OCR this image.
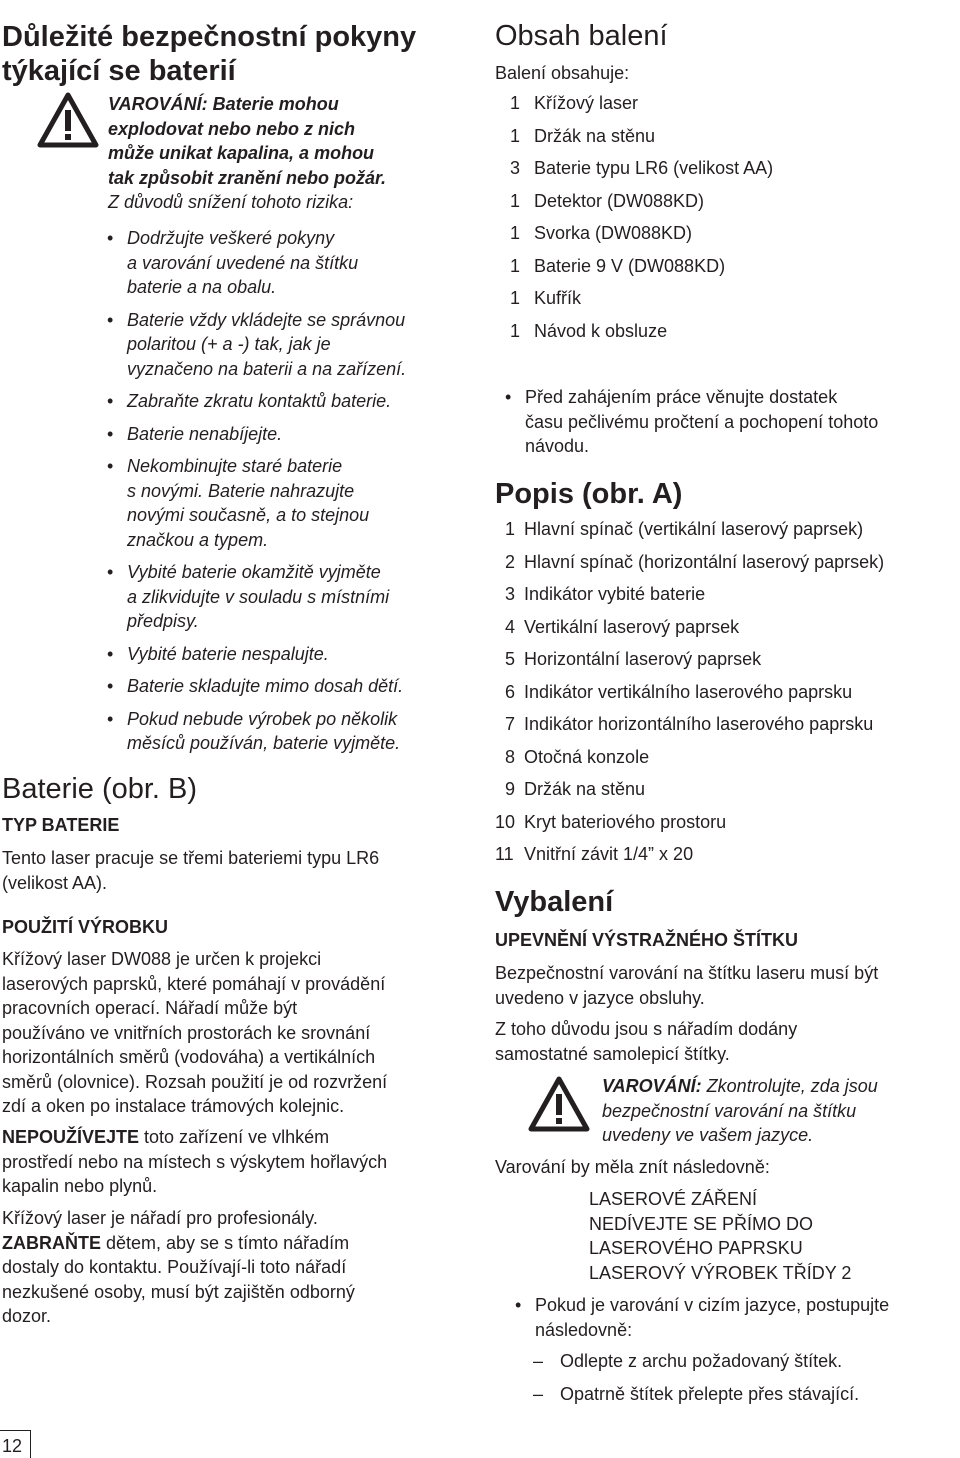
Důležité bezpečnostní pokyny
týkající se baterií
VAROVÁNÍ: Baterie mohou
explodovat nebo nebo z nich
může unikat kapalina, a mohou
tak způsobit zranění nebo požár.
Z důvodů snížení tohoto rizika:
• Dodržujte veškeré pokyny
a varování uvedené na štítku
baterie a na obalu.
• Baterie vždy vkládejte se správnou
polaritou (+ a -) tak, jak je
vyznačeno na baterii a na zařízení.
• Zabraňte zkratu kontaktů baterie.
• Baterie nenabíjejte.
• Nekombinujte staré baterie
s novými. Baterie nahrazujte
novými současně, a to stejnou
značkou a typem.
• Vybité baterie okamžitě vyjměte
a zlikvidujte v souladu s místními
předpisy.
• Vybité baterie nespalujte.
• Baterie skladujte mimo dosah dětí.
• Pokud nebude výrobek po několik
měsíců používán, baterie vyjměte.
Baterie (obr. B)
TYP BATERIE
Tento laser pracuje se třemi bateriemi typu LR6
(velikost AA).
POUŽITÍ VÝROBKU
Křížový laser DW088 je určen k projekci
laserových paprsků, které pomáhají v provádění
pracovních operací. Nářadí může být
používáno ve vnitřních prostorách ke srovnání
horizontálních směrů (vodováha) a vertikálních
směrů (olovnice). Rozsah použití je od rozvržení
zdí a oken po instalace trámových kolejnic.
NEPOUŽÍVEJTE toto zařízení ve vlhkém
prostředí nebo na místech s výskytem hořlavých
kapalin nebo plynů.
Křížový laser je nářadí pro profesionály.
ZABRAŇTE dětem, aby se s tímto nářadím
dostaly do kontaktu. Používají-li toto nářadí
nezkušené osoby, musí být zajištěn odborný
dozor.
Obsah balení
Balení obsahuje:
1 Křížový laser
1 Držák na stěnu
3 Baterie typu LR6 (velikost AA)
1 Detektor (DW088KD)
1 Svorka (DW088KD)
1 Baterie 9 V (DW088KD)
1 Kufřík
1 Návod k obsluze
• Před zahájením práce věnujte dostatek
času pečlivému pročtení a pochopení tohoto
návodu.
Popis (obr. A)
1 Hlavní spínač (vertikální laserový paprsek)
2 Hlavní spínač (horizontální laserový paprsek)
3 Indikátor vybité baterie
4 Vertikální laserový paprsek
5 Horizontální laserový paprsek
6 Indikátor vertikálního laserového paprsku
7 Indikátor horizontálního laserového paprsku
8 Otočná konzole
9 Držák na stěnu
10 Kryt bateriového prostoru
11 Vnitřní závit 1/4” x 20
Vybalení
UPEVNĚNÍ VÝSTRAŽNÉHO ŠTÍTKU
Bezpečnostní varování na štítku laseru musí být
uvedeno v jazyce obsluhy.
Z toho důvodu jsou s nářadím dodány
samostatné samolepicí štítky.
VAROVÁNÍ: Zkontrolujte, zda jsou
bezpečnostní varování na štítku
uvedeny ve vašem jazyce.
Varování by měla znít následovně:
LASEROVÉ ZÁŘENÍ
NEDÍVEJTE SE PŘÍMO DO
LASEROVÉHO PAPRSKU
LASEROVÝ VÝROBEK TŘÍDY 2
• Pokud je varování v cizím jazyce, postupujte
následovně:
– Odlepte z archu požadovaný štítek.
– Opatrně štítek přelepte přes stávající.
12
